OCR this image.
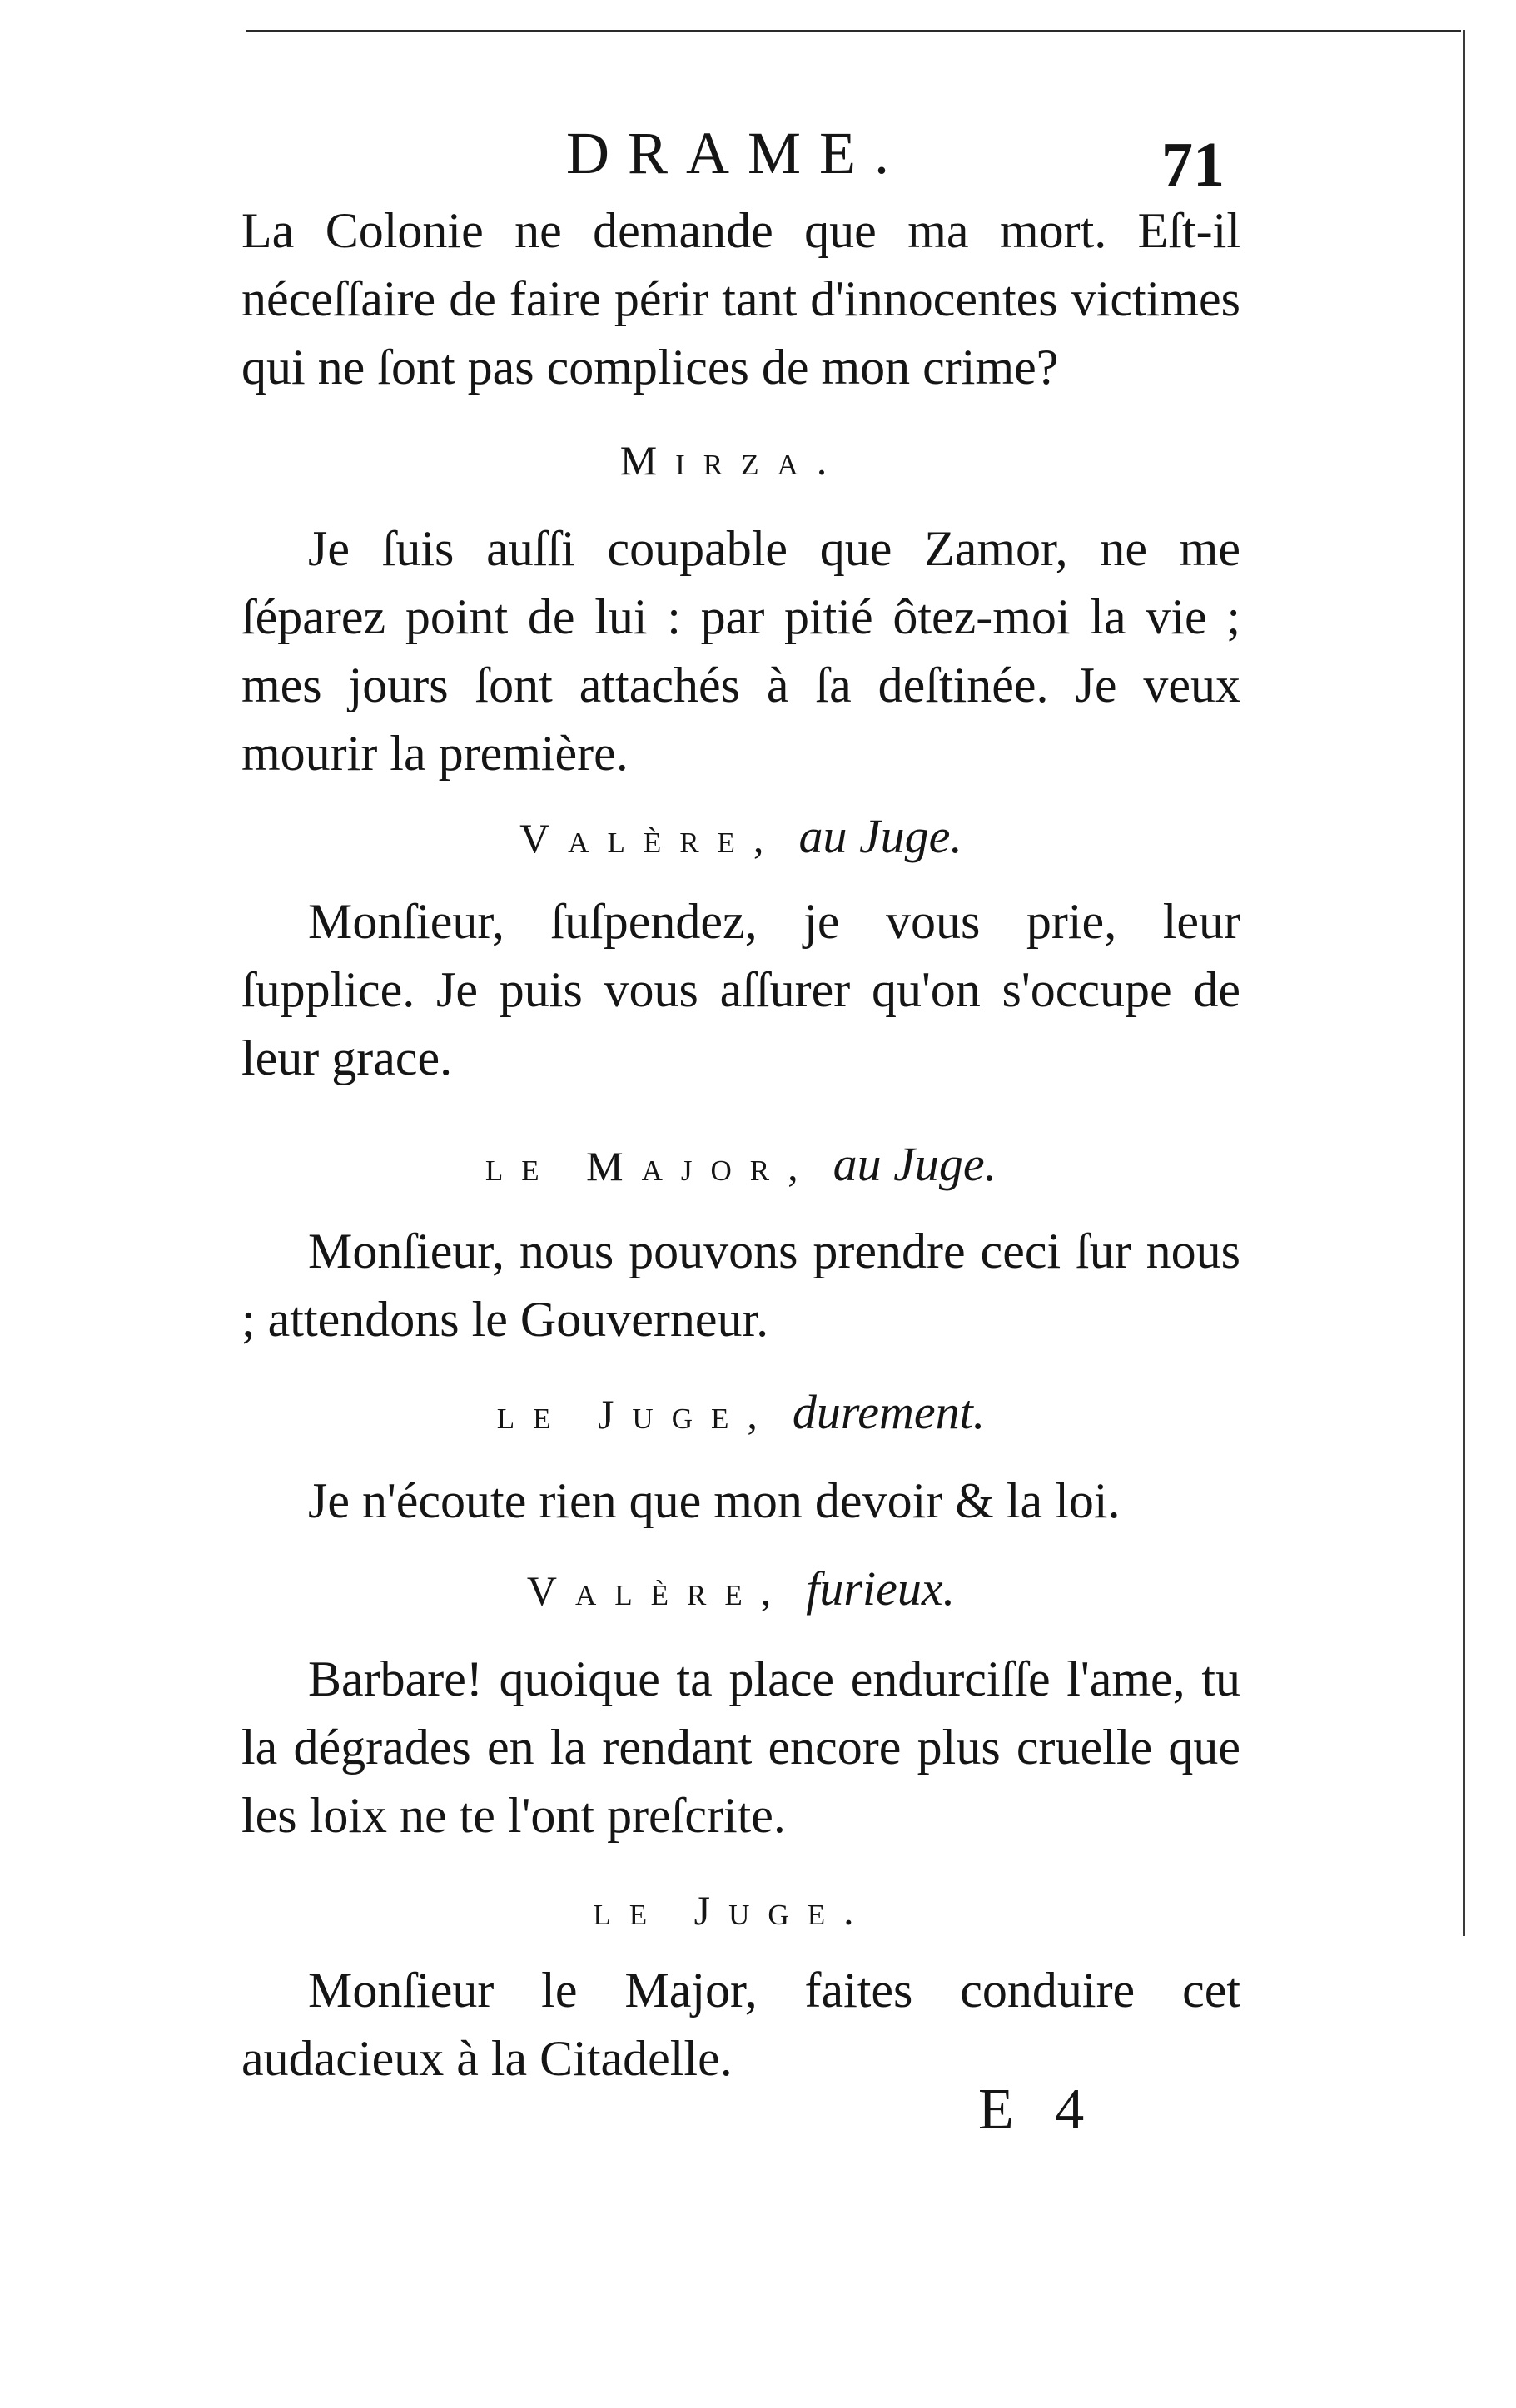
DRAME.	71
La Colonie ne demande que ma mort. Eſt-il néceſſaire de faire périr tant d'innocentes victimes qui ne ſont pas complices de mon crime?
Mirza.
Je ſuis auſſi coupable que Zamor, ne me ſéparez point de lui : par pitié ôtez-moi la vie ; mes jours ſont attachés à ſa deſtinée. Je veux mourir la première.
Valère, au Juge.
Monſieur, ſuſpendez, je vous prie, leur ſupplice. Je puis vous aſſurer qu'on s'occupe de leur grace.
le Major, au Juge.
Monſieur, nous pouvons prendre ceci ſur nous ; attendons le Gouverneur.
le Juge, durement.
Je n'écoute rien que mon devoir & la loi.
Valère, furieux.
Barbare! quoique ta place endurciſſe l'ame, tu la dégrades en la rendant encore plus cruelle que les loix ne te l'ont preſcrite.
le Juge.
Monſieur le Major, faites conduire cet audacieux à la Citadelle.
E 4
